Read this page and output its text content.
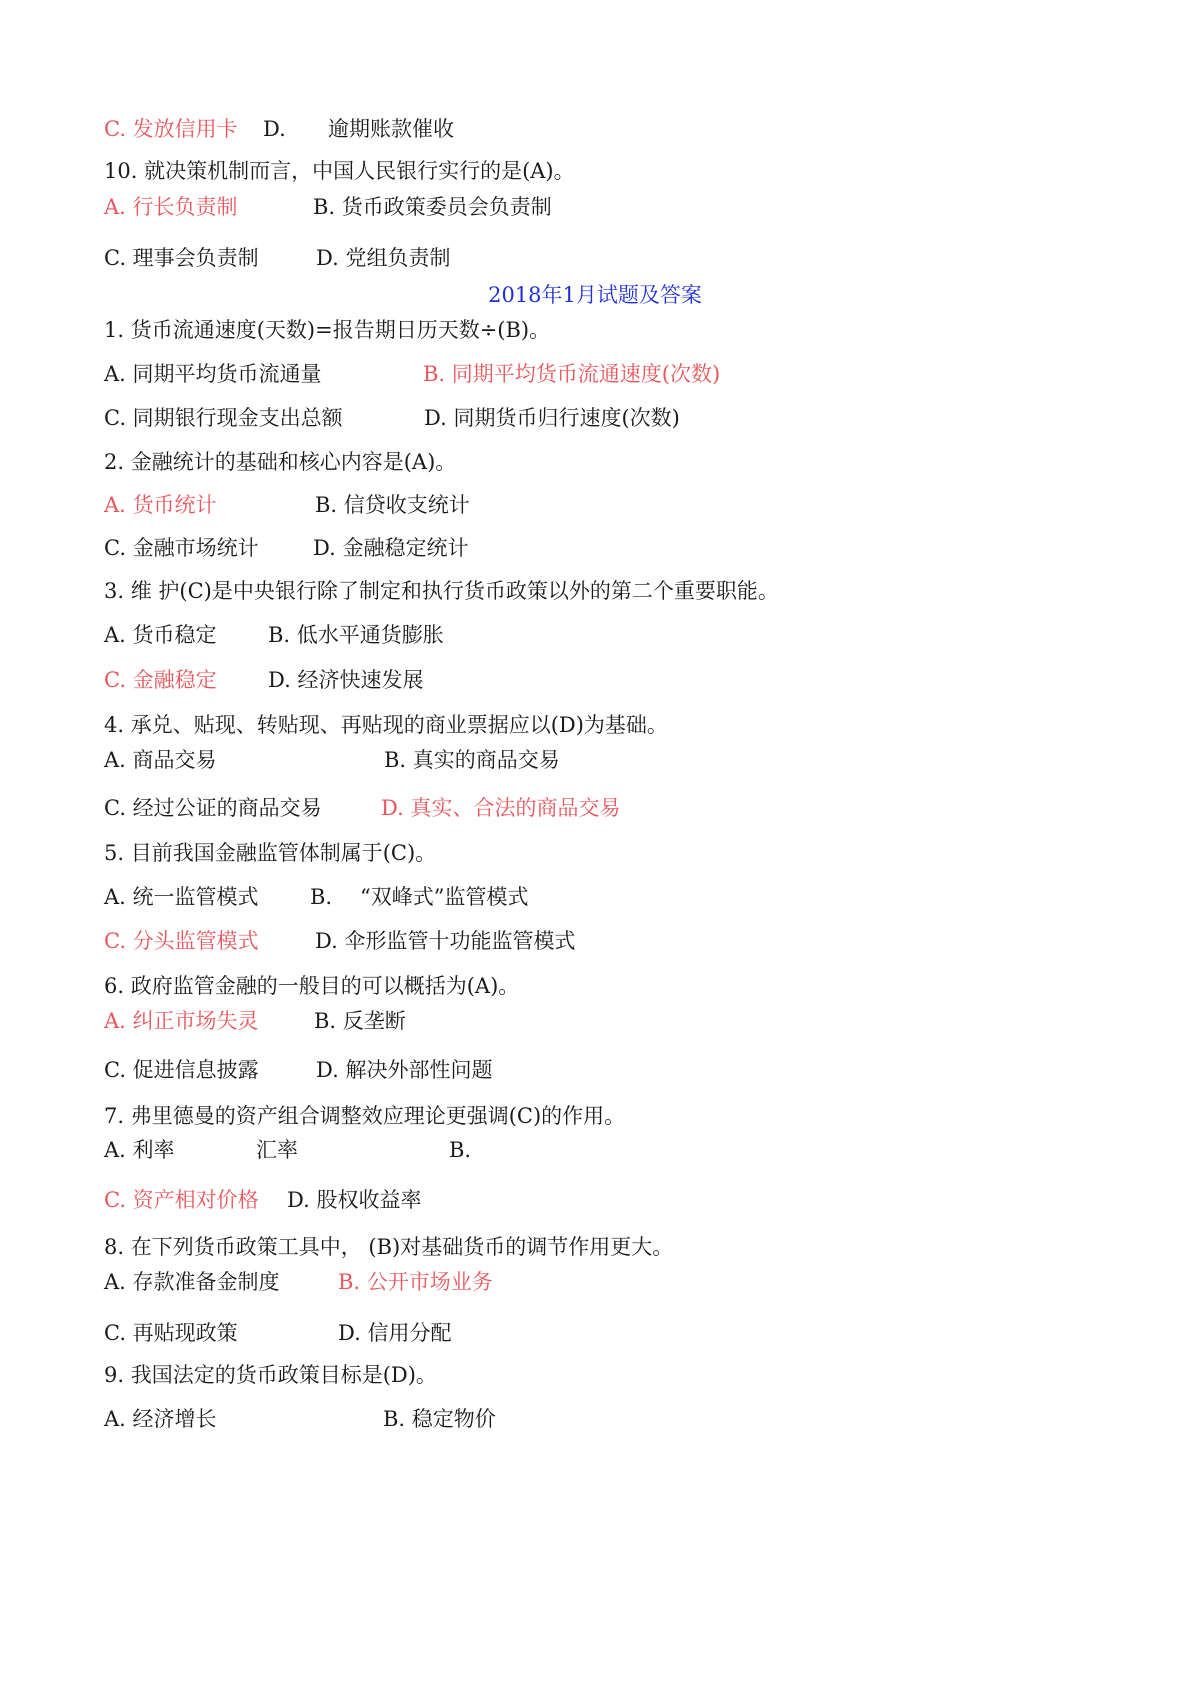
C. 发放信用卡 D. 逾期账款催收
10. 就决策机制而言，中国人民银行实行的是(A)。
A. 行长负责制	B. 货币政策委员会负责制
C. 理事会负责制	D. 党组负责制
2018年1月试题及答案
1. 货币流通速度(天数)=报告期日历天数÷(B)。
A. 同期平均货币流通量	B. 同期平均货币流通速度(次数)
C. 同期银行现金支出总额	D. 同期货币归行速度(次数)
2. 金融统计的基础和核心内容是(A)。
A. 货币统计	B. 信贷收支统计
C. 金融市场统计	D. 金融稳定统计
3. 维 护(C)是中央银行除了制定和执行货币政策以外的第二个重要职能。
A. 货币稳定 B. 低水平通货膨胀
C. 金融稳定 D. 经济快速发展
4. 承兑、贴现、转贴现、再贴现的商业票据应以(D)为基础。
A. 商品交易	B. 真实的商品交易
C. 经过公证的商品交易	D. 真实、合法的商品交易
5. 目前我国金融监管体制属于(C)。
A. 统一监管模式 B. “双峰式”监管模式
C. 分头监管模式	D. 伞形监管十功能监管模式
6. 政府监管金融的一般目的可以概括为(A)。
A. 纠正市场失灵	B. 反垄断
C. 促进信息披露	D. 解决外部性问题
7. 弗里德曼的资产组合调整效应理论更强调(C)的作用。
A. 利率	汇率	B.
C. 资产相对价格 D. 股权收益率
8. 在下列货币政策工具中， (B)对基础货币的调节作用更大。
A. 存款准备金制度	B. 公开市场业务
C. 再贴现政策	D. 信用分配
9. 我国法定的货币政策目标是(D)。
A. 经济增长	B. 稳定物价
